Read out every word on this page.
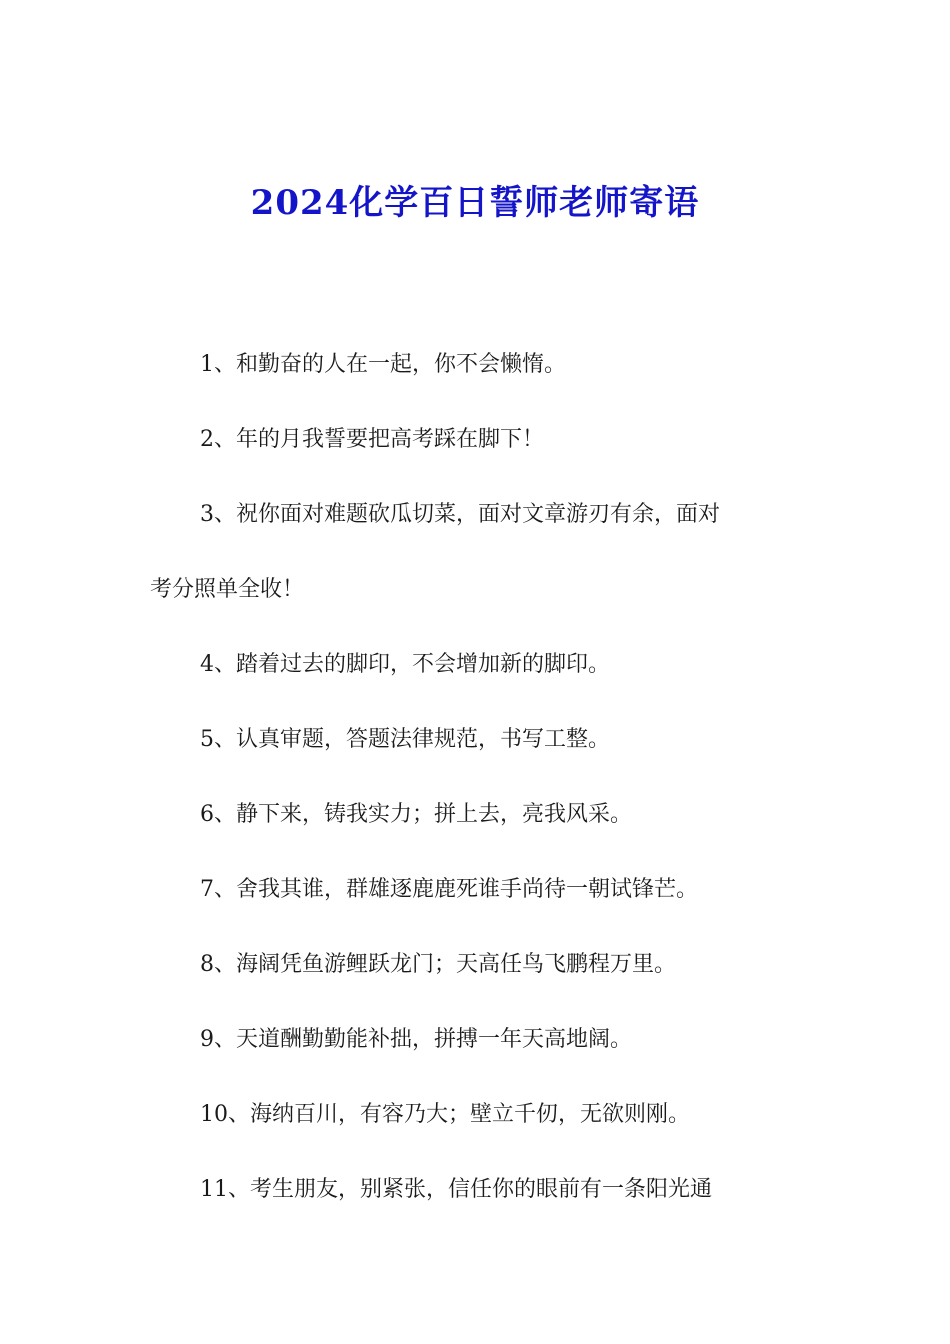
2024化学百日誓师老师寄语

1、和勤奋的人在一起，你不会懒惰。

2、年的月我誓要把高考踩在脚下！

3、祝你面对难题砍瓜切菜，面对文章游刃有余，面对

考分照单全收！

4、踏着过去的脚印，不会增加新的脚印。

5、认真审题，答题法律规范，书写工整。

6、静下来，铸我实力；拼上去，亮我风采。

7、舍我其谁，群雄逐鹿鹿死谁手尚待一朝试锋芒。

8、海阔凭鱼游鲤跃龙门；天高任鸟飞鹏程万里。

9、天道酬勤勤能补拙，拼搏一年天高地阔。

10、海纳百川，有容乃大；壁立千仞，无欲则刚。

11、考生朋友，别紧张，信任你的眼前有一条阳光通
